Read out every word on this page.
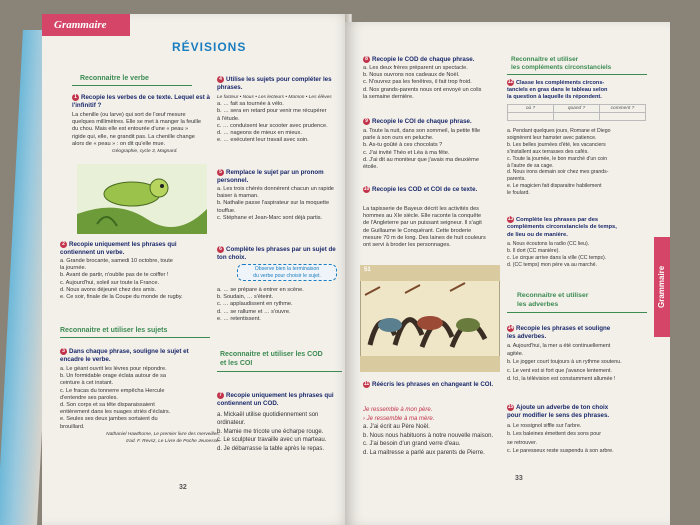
Grammaire
RÉVISIONS
Reconnaitre le verbe
1 Recopie les verbes de ce texte. Lequel est à l'infinitif ?
La chenille (ou larve) qui sort de l'œuf mesure
quelques millimètres. Elle se met à manger la feuille
du chou. Mais elle est entourée d'une « peau »
rigide qui, elle, ne grandit pas. La chenille change
alors de « peau » : on dit qu'elle mue.
Géographie, cycle 3, Magnard.
2 Recopie uniquement les phrases qui contiennent un verbe.
a. Grande brocante, samedi 10 octobre, toute
la journée.
b. Avant de partir, n'oublie pas de te coiffer !
c. Aujourd'hui, soleil sur toute la France.
d. Nous avons déjeuné chez des amis.
e. Ce soir, finale de la Coupe du monde de rugby.
Reconnaitre et utiliser les sujets
3 Dans chaque phrase, souligne le sujet et encadre le verbe.
a. Le géant ouvrit les lèvres pour répondre.
b. Un formidable orage éclata autour de sa
ceinture à cet instant.
c. Le fracas du tonnerre empêcha Hercule
d'entendre ses paroles.
d. Son corps et sa tête disparaissaient
entièrement dans les nuages striés d'éclairs.
e. Seules ses deux jambes sortaient du
brouillard.
Nathaniel Hawthorne, Le premier livre des merveilles,
trad. F. Revsz, Le Livre de Poche Jeunesse.
4 Utilise les sujets pour compléter les phrases.
Le facteur • Nous • Les lecteurs • Mamon • Les élèves
a. … fait sa tournée à vélo.
b. … sera en retard pour venir me récupérer
à l'étude.
c. … conduisent leur scooter avec prudence.
d. … nageons de mieux en mieux.
e. … exécutent leur travail avec soin.
5 Remplace le sujet par un pronom personnel.
a. Les trois chérés donnèrent chacun un rapide
baiser à maman.
b. Nathalie passe l'aspirateur sur la moquette
touffue.
c. Stéphane et Jean-Marc sont déjà partis.
6 Complète les phrases par un sujet de ton choix.
Observe bien la terminaison
du verbe pour choisir le sujet.
a. … se prépare à entrer en scène.
b. Soudain, … s'éteint.
c. … applaudissent en rythme.
d. … se rallume et … s'ouvre.
e. … retentissent.
Reconnaitre et utiliser les COD
et les COI
7 Recopie uniquement les phrases qui contiennent un COD.
a. Mickaël utilise quotidiennement son
ordinateur.
b. Mamie me tricote une écharpe rouge.
c. Le sculpteur travaille avec un marteau.
d. Je débarrasse la table après le repas.
32
8 Recopie le COD de chaque phrase.
a. Les deux frères préparent un spectacle.
b. Nous ouvrons nos cadeaux de Noël.
c. N'ouvrez pas les fenêtres, il fait trop froid.
d. Nos grands-parents nous ont envoyé un colis
la semaine dernière.
9 Recopie le COI de chaque phrase.
a. Toute la nuit, dans son sommeil, la petite fille
parle à son ours en peluche.
b. As-tu goûté à ces chocolats ?
c. J'ai invité Théo et Léa à ma fête.
d. J'ai dit au moniteur que j'avais ma deuxième
étoile.
10 Recopie les COD et COI de ce texte.
La tapisserie de Bayeux décrit les activités des
hommes au XIe siècle. Elle raconte la conquête
de l'Angleterre par un puissant seigneur. Il s'agit
de Guillaume le Conquérant. Cette broderie
mesure 70 m de long. Des laines de huit couleurs
ont servi à broder les personnages.
51
11 Réécris les phrases en changeant le COI.
Je ressemble à mon père.
› Je ressemble à ma mère.
a. J'ai écrit au Père Noël.
b. Nous nous habituons à notre nouvelle maison.
c. J'ai besoin d'un grand verre d'eau.
d. La maitresse a parlé aux parents de Pierre.
Reconnaitre et utiliser
les compléments circonstanciels
12 Classe les compléments circons-
tanciels en gras dans le tableau selon
la question à laquelle ils répondent.
où ?	quand ?	comment ?

a. Pendant quelques jours, Romane et Diego
soignèrent leur hamster avec patience.
b. Les belles journées d'été, les vacanciers
s'installent aux terrasses des cafés.
c. Toute la journée, le bon marché d'un coin
à l'autre de sa cage.
d. Nous irons demain soir chez mes grands-
parents.
e. Le magicien fait disparaitre habilement
le foulard.
13 Complète les phrases par des
compléments circonstanciels de temps,
de lieu ou de manière.
a. Nous écoutons la radio (CC lieu).
b. Il dort (CC manière).
c. Le cirque arrive dans la ville (CC temps).
d. (CC temps) mon père va au marché.
Reconnaitre et utiliser
les adverbes
14 Recopie les phrases et souligne
les adverbes.
a. Aujourd'hui, la mer a été continuellement
agitée.
b. Le jogger court toujours à un rythme soutenu.
c. Le vent est si fort que j'avance lentement.
d. Ici, la télévision est constamment allumée !
15 Ajoute un adverbe de ton choix
pour modifier le sens des phrases.
a. Le rossignol siffle sur l'arbre.
b. Les baleines émettent des sons pour
se retrouver.
c. Le paresseux reste suspendu à son arbre.
33
Grammaire
